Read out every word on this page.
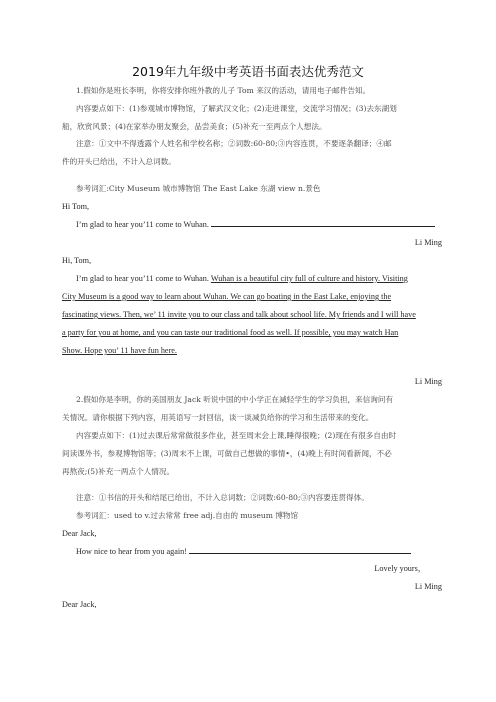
2019年九年级中考英语书面表达优秀范文
1.假如你是班长李明，你将安排你班外教的儿子 Tom 来汉的活动，请用电子邮件告知。
内容要点如下：(1)参观城市博物馆，了解武汉文化；(2)走进课堂，交流学习情况；(3)去东湖划
船，欣赏风景；(4)在家举办朋友聚会，品尝美食；(5)补充一至两点个人想法。
注意：①文中不得透露个人姓名和学校名称；②词数:60-80;③内容连贯，不要逐条翻译；④邮
件的开头已给出，不计入总词数。
参考词汇:City Museum 城市博物馆 The East Lake 东湖 view n.景色
Hi Tom,
I’m glad to hear you’11 come to Wuhan.
Li Ming
Hi, Tom,
I’m glad to hear you’11 come to Wuhan. Wuhan is a beautiful city full of culture and history. Visiting
City Museum is a good way to learn about Wuhan. We can go boating in the East Lake, enjoying the
fascinating views. Then, we’ 11 invite you to our class and talk about school life. My friends and I will have
a party for you at home, and you can taste our traditional food as well. If possible, you may watch Han
Show. Hope you’ 11 have fun here.
Li Ming
2.假如你是李明，你的美国朋友 Jack 听说中国的中小学正在减轻学生的学习负担，来信询问有
关情况。请你根据下列内容，用英语写一封回信，谈一谈减负给你的学习和生活带来的变化。
内容要点如下：(1)过去课后常常做很多作业，甚至周末会上课,睡得很晚；(2)现在有很多自由时
间读课外书，参观博物馆等；(3)周末不上课，可做自己想做的事情•，(4)晚上有时间看新闻，不必
再熬夜;(5)补充一两点个人情况。
注意：①书信的开头和结尾已给出，不计入总词数；②词数:60-80;③内容要连贯得体。
参考词汇：used to v.过去常常 free adj.自由的 museum 博物馆
Dear Jack,
How nice to hear from you again!
Lovely yours，
Li Ming
Dear Jack,
